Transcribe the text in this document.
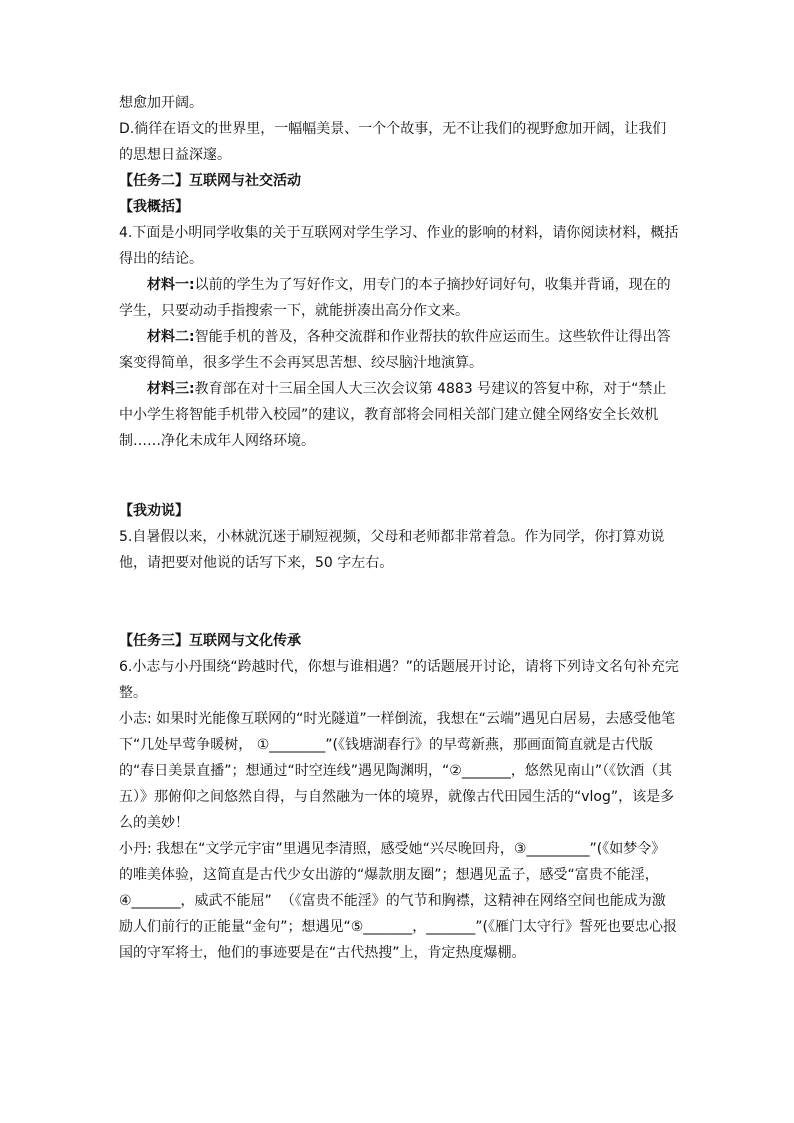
想愈加开阔。

D.徜徉在语文的世界里，一幅幅美景、一个个故事，无不让我们的视野愈加开阔，让我们的思想日益深邃。

【任务二】互联网与社交活动

【我概括】

4.下面是小明同学收集的关于互联网对学生学习、作业的影响的材料，请你阅读材料，概括得出的结论。

材料一:以前的学生为了写好作文，用专门的本子摘抄好词好句，收集并背诵，现在的学生，只要动动手指搜索一下，就能拼凑出高分作文来。

材料二:智能手机的普及，各种交流群和作业帮扶的软件应运而生。这些软件让得出答案变得简单，很多学生不会再冥思苦想、绞尽脑汁地演算。

材料三:教育部在对十三届全国人大三次会议第 4883 号建议的答复中称，对于“禁止中小学生将智能手机带入校园”的建议，教育部将会同相关部门建立健全网络安全长效机制……净化未成年人网络环境。

【我劝说】

5.自暑假以来，小林就沉迷于刷短视频，父母和老师都非常着急。作为同学，你打算劝说他，请把要对他说的话写下来，50 字左右。

【任务三】互联网与文化传承

6.小志与小丹围绕“跨越时代，你想与谁相遇？”的话题展开讨论，请将下列诗文名句补充完整。

小志: 如果时光能像互联网的“时光隧道”一样倒流，我想在“云端”遇见白居易，去感受他笔下“几处早莺争暖树， ①________”(《钱塘湖春行》的早莺新燕，那画面简直就是古代版的“春日美景直播”；想通过“时空连线”遇见陶渊明，“②_______，悠然见南山”（《饮酒（其五）》那俯仰之间悠然自得，与自然融为一体的境界，就像古代田园生活的“vlog”，该是多么的美妙！

小丹: 我想在“文学元宇宙”里遇见李清照，感受她“兴尽晚回舟，③_________”(《如梦令》的唯美体验，这简直是古代少女出游的“爆款朋友圈”；想遇见孟子，感受“富贵不能淫，④_______，威武不能屈”  （《富贵不能淫》的气节和胸襟，这精神在网络空间也能成为激励人们前行的正能量“金句”；想遇见“⑤_______，_______”(《雁门太守行》誓死也要忠心报国的守军将士，他们的事迹要是在“古代热搜”上，肯定热度爆棚。
